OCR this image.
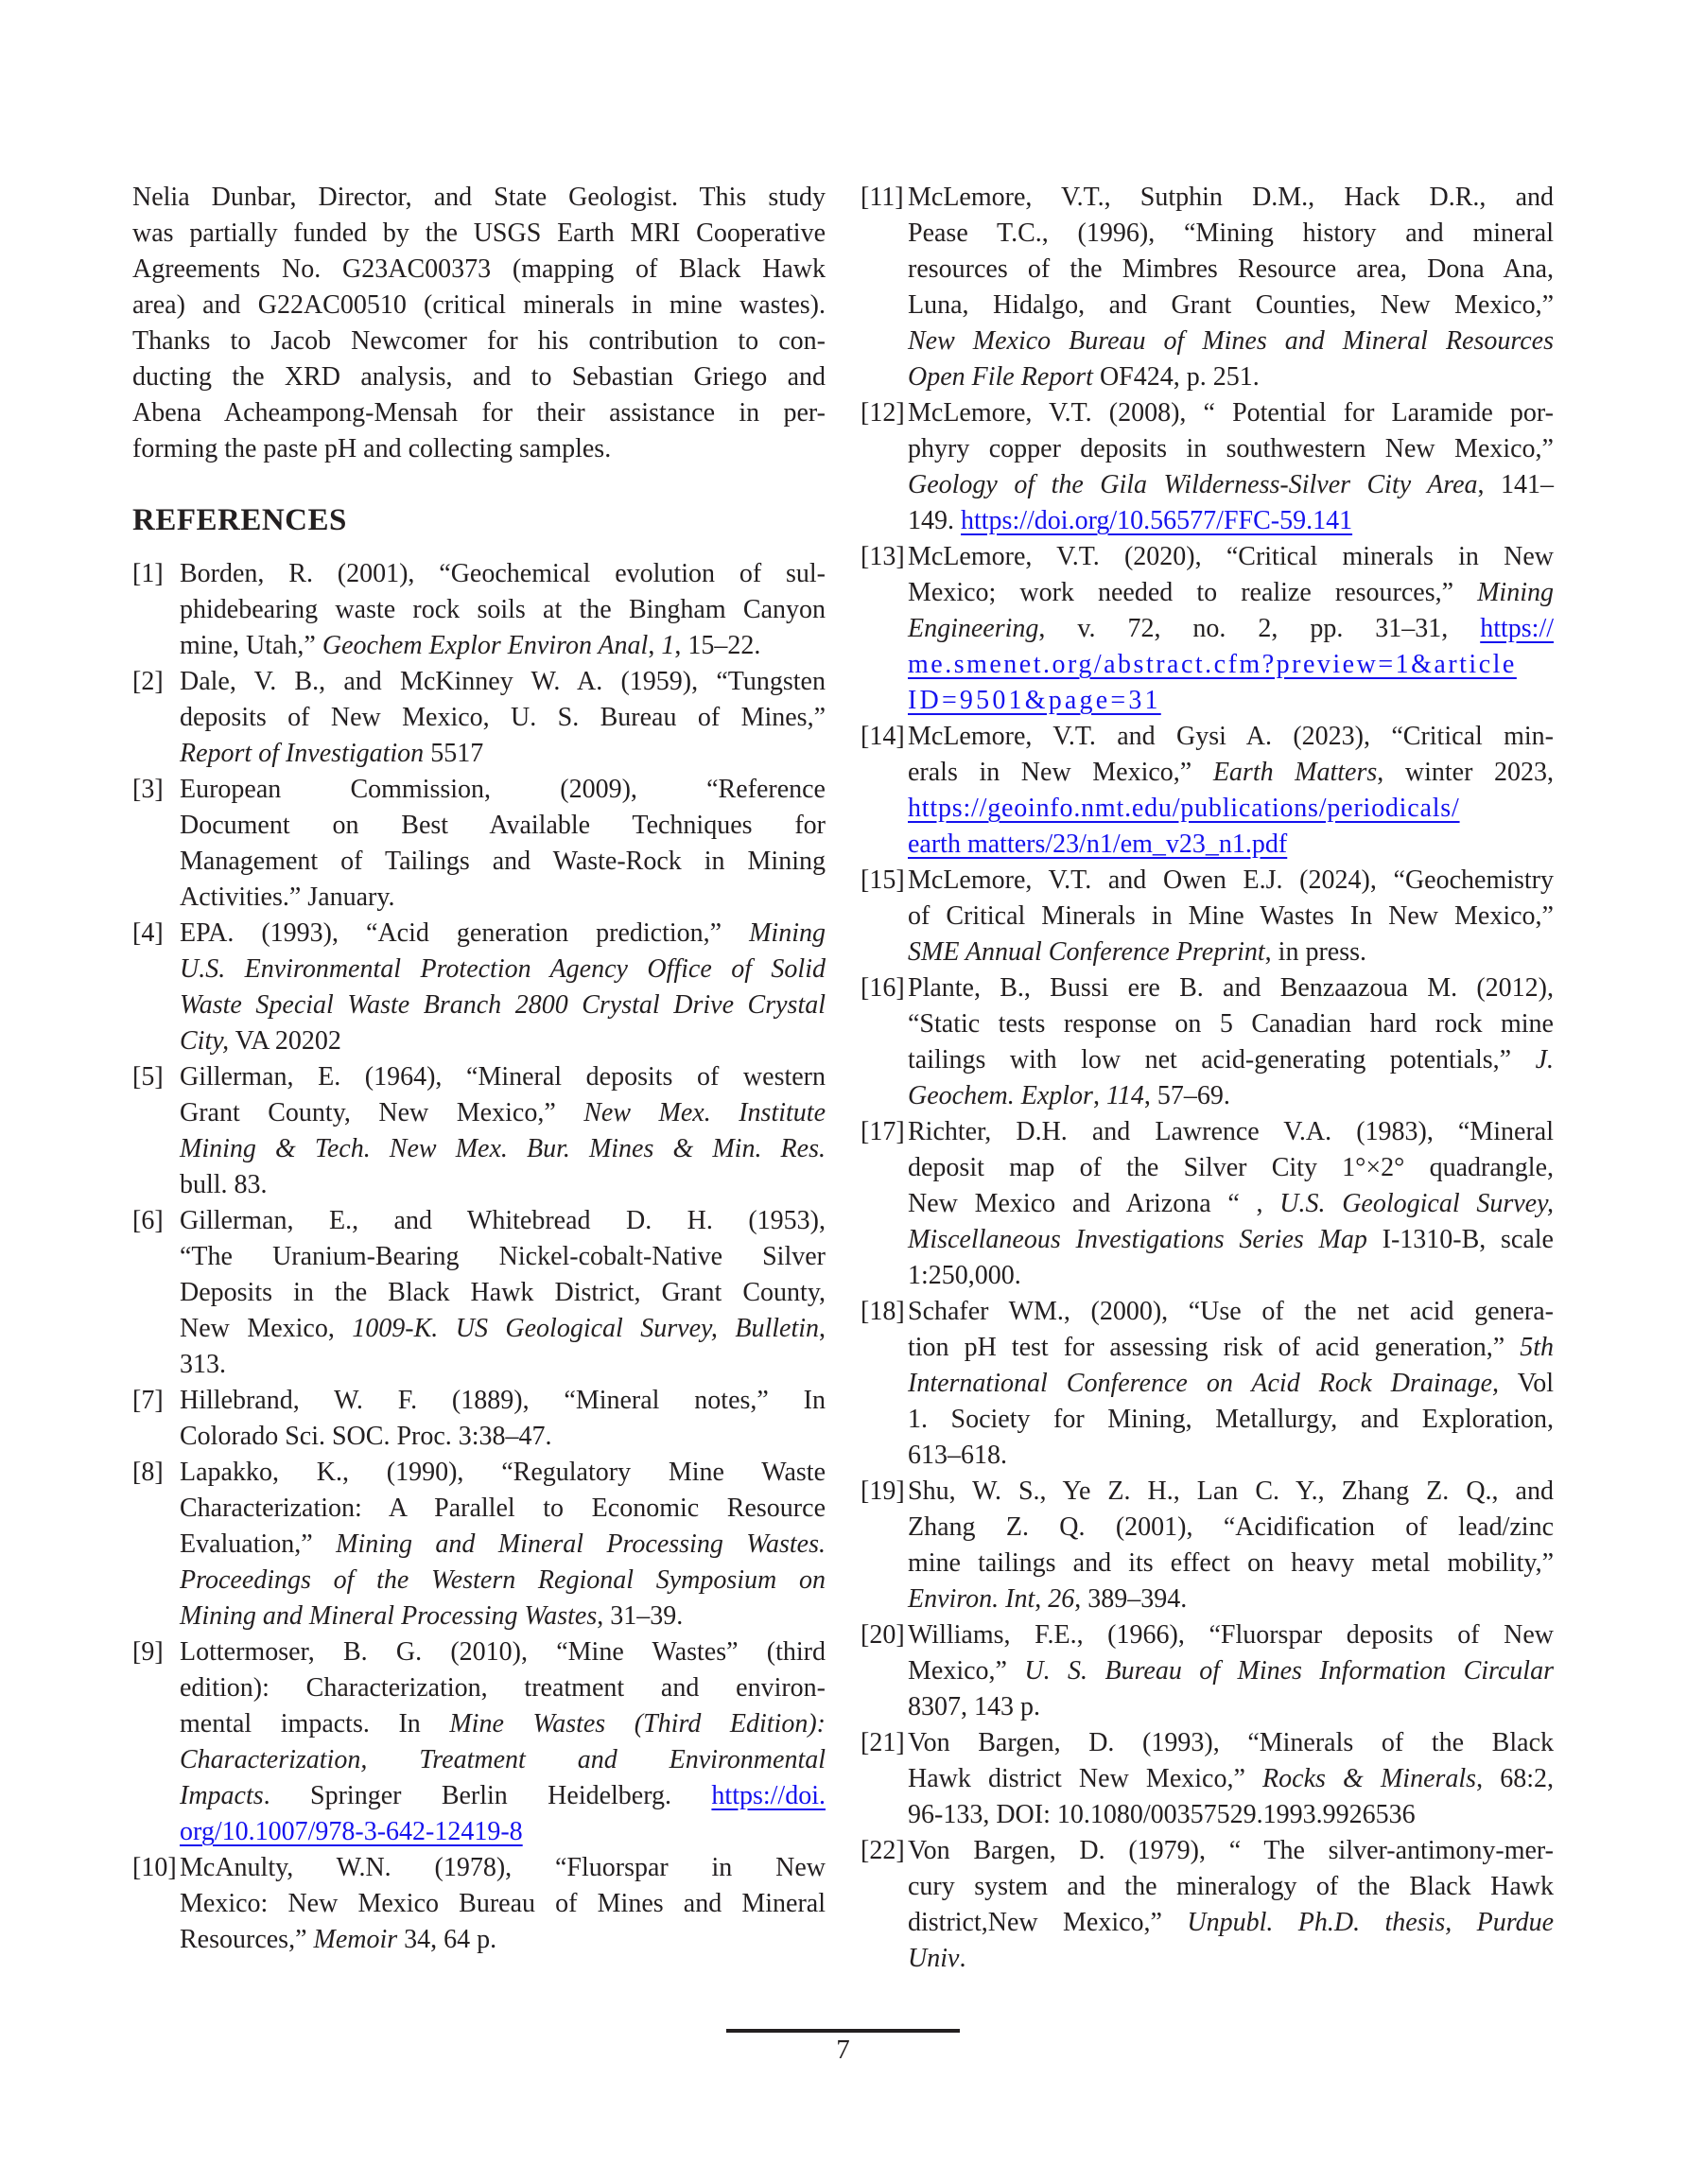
Nelia Dunbar, Director, and State Geologist. This study
was partially funded by the USGS Earth MRI Cooperative
Agreements No. G23AC00373 (mapping of Black Hawk
area) and G22AC00510 (critical minerals in mine wastes).
Thanks to Jacob Newcomer for his contribution to con-
ducting the XRD analysis, and to Sebastian Griego and
Abena Acheampong-Mensah for their assistance in per-
forming the paste pH and collecting samples.
REFERENCES
[1] Borden, R. (2001), “Geochemical evolution of sul-
phidebearing waste rock soils at the Bingham Canyon
mine, Utah,” Geochem Explor Environ Anal, 1, 15–22.
[2] Dale, V. B., and McKinney W. A. (1959), “Tungsten
deposits of New Mexico, U. S. Bureau of Mines,”
Report of Investigation 5517
[3] European Commission, (2009), “Reference
Document on Best Available Techniques for
Management of Tailings and Waste-Rock in Mining
Activities.” January.
[4] EPA. (1993), “Acid generation prediction,” Mining
U.S. Environmental Protection Agency Office of Solid
Waste Special Waste Branch 2800 Crystal Drive Crystal
City, VA 20202
[5] Gillerman, E. (1964), “Mineral deposits of western
Grant County, New Mexico,” New Mex. Institute
Mining & Tech. New Mex. Bur. Mines & Min. Res.
bull. 83.
[6] Gillerman, E., and Whitebread D. H. (1953),
“The Uranium-Bearing Nickel-cobalt-Native Silver
Deposits in the Black Hawk District, Grant County,
New Mexico, 1009-K. US Geological Survey, Bulletin,
313.
[7] Hillebrand, W. F. (1889), “Mineral notes,” In
Colorado Sci. SOC. Proc. 3:38–47.
[8] Lapakko, K., (1990), “Regulatory Mine Waste
Characterization: A Parallel to Economic Resource
Evaluation,” Mining and Mineral Processing Wastes.
Proceedings of the Western Regional Symposium on
Mining and Mineral Processing Wastes, 31–39.
[9] Lottermoser, B. G. (2010), “Mine Wastes” (third
edition): Characterization, treatment and environ-
mental impacts. In Mine Wastes (Third Edition):
Characterization, Treatment and Environmental
Impacts. Springer Berlin Heidelberg. https://doi.
org/10.1007/978-3-642-12419-8
[10] McAnulty, W.N. (1978), “Fluorspar in New
Mexico: New Mexico Bureau of Mines and Mineral
Resources,” Memoir 34, 64 p.
[11] McLemore, V.T., Sutphin D.M., Hack D.R., and
Pease T.C., (1996), “Mining history and mineral
resources of the Mimbres Resource area, Dona Ana,
Luna, Hidalgo, and Grant Counties, New Mexico,”
New Mexico Bureau of Mines and Mineral Resources
Open File Report OF424, p. 251.
[12] McLemore, V.T. (2008), “ Potential for Laramide por-
phyry copper deposits in southwestern New Mexico,”
Geology of the Gila Wilderness-Silver City Area, 141–
149. https://doi.org/10.56577/FFC-59.141
[13] McLemore, V.T. (2020), “Critical minerals in New
Mexico; work needed to realize resources,” Mining
Engineering, v. 72, no. 2, pp. 31–31, https://
me.smenet.org/abstract.cfm?preview=1&article
ID=9501&page=31
[14] McLemore, V.T. and Gysi A. (2023), “Critical min-
erals in New Mexico,” Earth Matters, winter 2023,
https://geoinfo.nmt.edu/publications/periodicals/
earth matters/23/n1/em_v23_n1.pdf
[15] McLemore, V.T. and Owen E.J. (2024), “Geochemistry
of Critical Minerals in Mine Wastes In New Mexico,”
SME Annual Conference Preprint, in press.
[16] Plante, B., Bussi ere B. and Benzaazoua M. (2012),
“Static tests response on 5 Canadian hard rock mine
tailings with low net acid-generating potentials,” J.
Geochem. Explor, 114, 57–69.
[17] Richter, D.H. and Lawrence V.A. (1983), “Mineral
deposit map of the Silver City 1°×2° quadrangle,
New Mexico and Arizona “ , U.S. Geological Survey,
Miscellaneous Investigations Series Map I-1310-B, scale
1:250,000.
[18] Schafer WM., (2000), “Use of the net acid genera-
tion pH test for assessing risk of acid generation,” 5th
International Conference on Acid Rock Drainage, Vol
1. Society for Mining, Metallurgy, and Exploration,
613–618.
[19] Shu, W. S., Ye Z. H., Lan C. Y., Zhang Z. Q., and
Zhang Z. Q. (2001), “Acidification of lead/zinc
mine tailings and its effect on heavy metal mobility,”
Environ. Int, 26, 389–394.
[20] Williams, F.E., (1966), “Fluorspar deposits of New
Mexico,” U. S. Bureau of Mines Information Circular
8307, 143 p.
[21] Von Bargen, D. (1993), “Minerals of the Black
Hawk district New Mexico,” Rocks & Minerals, 68:2,
96-133, DOI: 10.1080/00357529.1993.9926536
[22] Von Bargen, D. (1979), “ The silver-antimony-mer-
cury system and the mineralogy of the Black Hawk
district,New Mexico,” Unpubl. Ph.D. thesis, Purdue
Univ.
7
